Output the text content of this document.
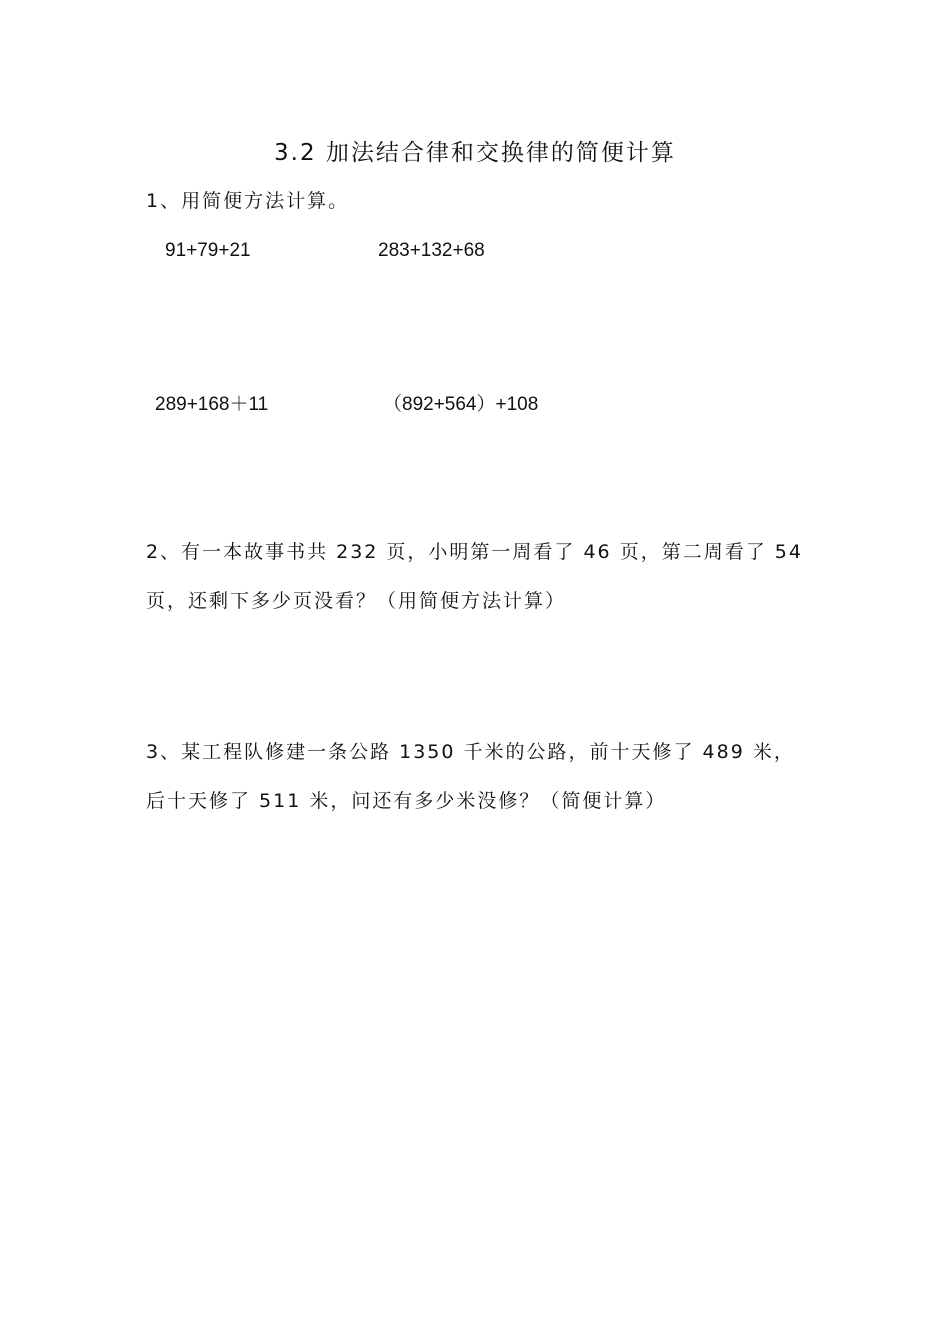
3.2 加法结合律和交换律的简便计算
1、用简便方法计算。
91+79+21	283+132+68
289+168＋11	（892+564）+108
2、有一本故事书共 232 页，小明第一周看了 46 页，第二周看了 54
页，还剩下多少页没看？（用简便方法计算）
3、某工程队修建一条公路 1350 千米的公路，前十天修了 489 米，
后十天修了 511 米，问还有多少米没修？（简便计算）
